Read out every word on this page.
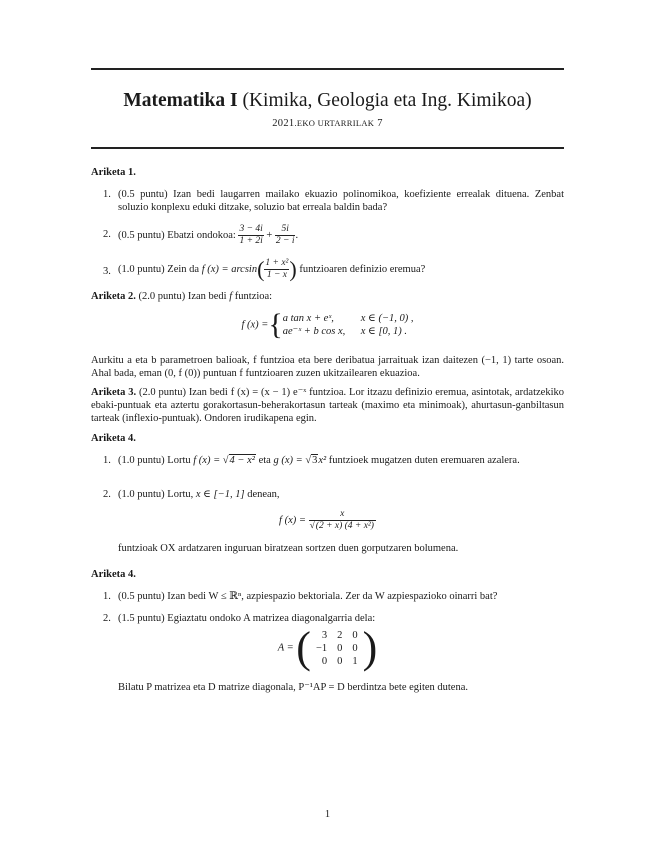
Matematika I (Kimika, Geologia eta Ing. Kimikoa)
2021.EKO URTARRILAK 7
Ariketa 1.
1. (0.5 puntu) Izan bedi laugarren mailako ekuazio polinomikoa, koefiziente errealak dituena. Zenbat soluzio konplexu eduki ditzake, soluzio bat erreala baldin bada?
2. (0.5 puntu) Ebatzi ondokoa: $\frac{3 - 4i}{1 + 2i} + \frac{5i}{2 - i}$ .
3. (1.0 puntu) Zein da f $(x) = \arcsin( \frac{\text{1 + x²}}{1 - x}$ ) funtzioaren definizio eremua?
Ariketa 2. (2.0 puntu) Izan bedi f funtzioa:
f (x) ={a tan x + eˣ,	x ∈ (−1, 0) ,
ae⁻ˣ + b cos x, x ∈ [0, 1) .
Aurkitu a eta b parametroen balioak, f funtzioa eta bere deribatua jarraituak izan daitezen (−1, 1) tarte osoan. Ahal bada, eman (0, f (0)) puntuan f funtzioaren zuzen ukitzailearen ekuazioa.
Ariketa 3. (2.0 puntu) Izan bedi f (x) = (x − 1) e⁻ˣ funtzioa. Lor itzazu definizio eremua, asintotak, ardatzekiko ebaki-puntuak eta aztertu gorakortasun-beherakortasun tarteak (maximo eta minimoak), ahurtasun-ganbiltasun tarteak (inflexio-puntuak). Ondoren irudikapena egin.
Ariketa 4.
1. (1.0 puntu) Lortu f (x) = √4 − x² eta g (x) = √3x² funtzioek mugatzen duten eremuaren azalera.
2. (1.0 puntu) Lortu, x ∈ [−1, 1] denean,
f $(x) = \frac{x}{\text{√(2 + x) (4 + x²)}}$
funtzioak OX ardatzaren inguruan biratzean sortzen duen gorputzaren bolumena.
Ariketa 4.
1. (0.5 puntu) Izan bedi W ≤ ℝⁿ, azpiespazio bektoriala. Zer da W azpiespazioko oinarri bat?
2. (1.5 puntu) Egiaztatu ondoko A matrizea diagonalgarria dela:
A = ( 3	2	0
−1	0	0
0	0	1 )
Bilatu P matrizea eta D matrize diagonala, P⁻¹AP = D berdintza bete egiten dutena.
1
